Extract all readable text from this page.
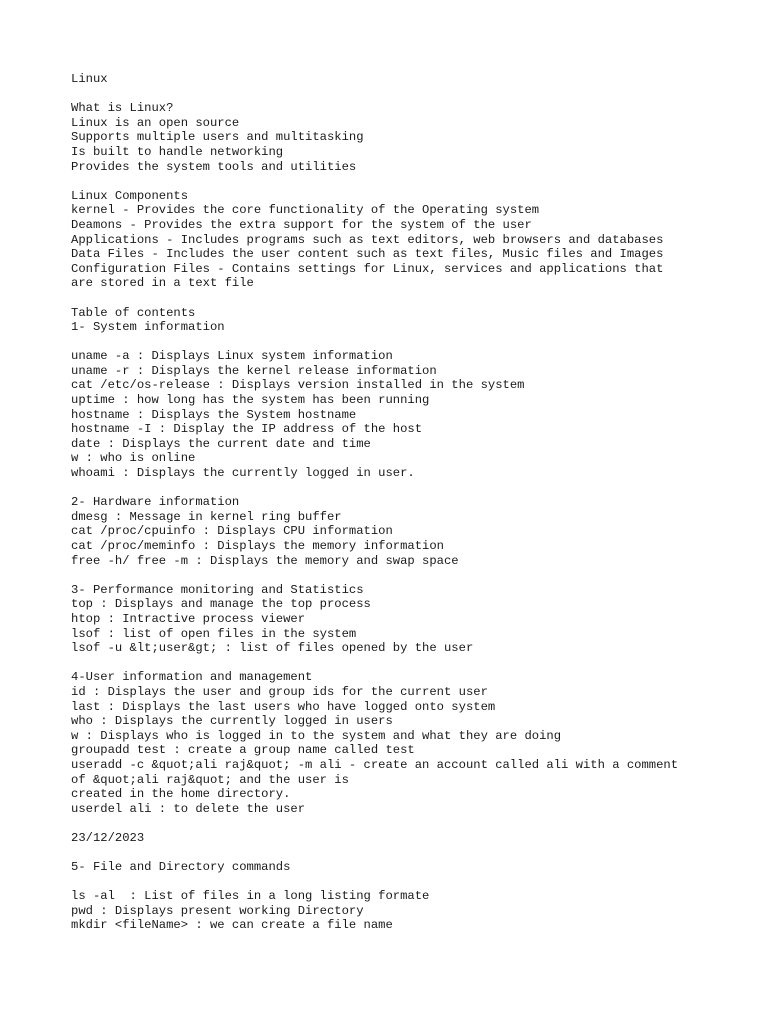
Linux
What is Linux?
Linux is an open source
Supports multiple users and multitasking
Is built to handle networking
Provides the system tools and utilities
Linux Components
kernel - Provides the core functionality of the Operating system
Deamons - Provides the extra support for the system of the user
Applications - Includes programs such as text editors, web browsers and databases
Data Files - Includes the user content such as text files, Music files and Images
Configuration Files - Contains settings for Linux, services and applications that
are stored in a text file
Table of contents
1- System information
uname -a : Displays Linux system information
uname -r : Displays the kernel release information
cat /etc/os-release : Displays version installed in the system
uptime : how long has the system has been running
hostname : Displays the System hostname
hostname -I : Display the IP address of the host
date : Displays the current date and time
w : who is online
whoami : Displays the currently logged in user.
2- Hardware information
dmesg : Message in kernel ring buffer
cat /proc/cpuinfo : Displays CPU information
cat /proc/meminfo : Displays the memory information
free -h/ free -m : Displays the memory and swap space
3- Performance monitoring and Statistics
top : Displays and manage the top process
htop : Intractive process viewer
lsof : list of open files in the system
lsof -u &lt;user&gt; : list of files opened by the user
4-User information and management
id : Displays the user and group ids for the current user
last : Displays the last users who have logged onto system
who : Displays the currently logged in users
w : Displays who is logged in to the system and what they are doing
groupadd test : create a group name called test
useradd -c &quot;ali raj&quot; -m ali - create an account called ali with a comment
of &quot;ali raj&quot; and the user is
created in the home directory.
userdel ali : to delete the user
23/12/2023
5- File and Directory commands
ls -al  : List of files in a long listing formate
pwd : Displays present working Directory
mkdir <fileName> : we can create a file name
